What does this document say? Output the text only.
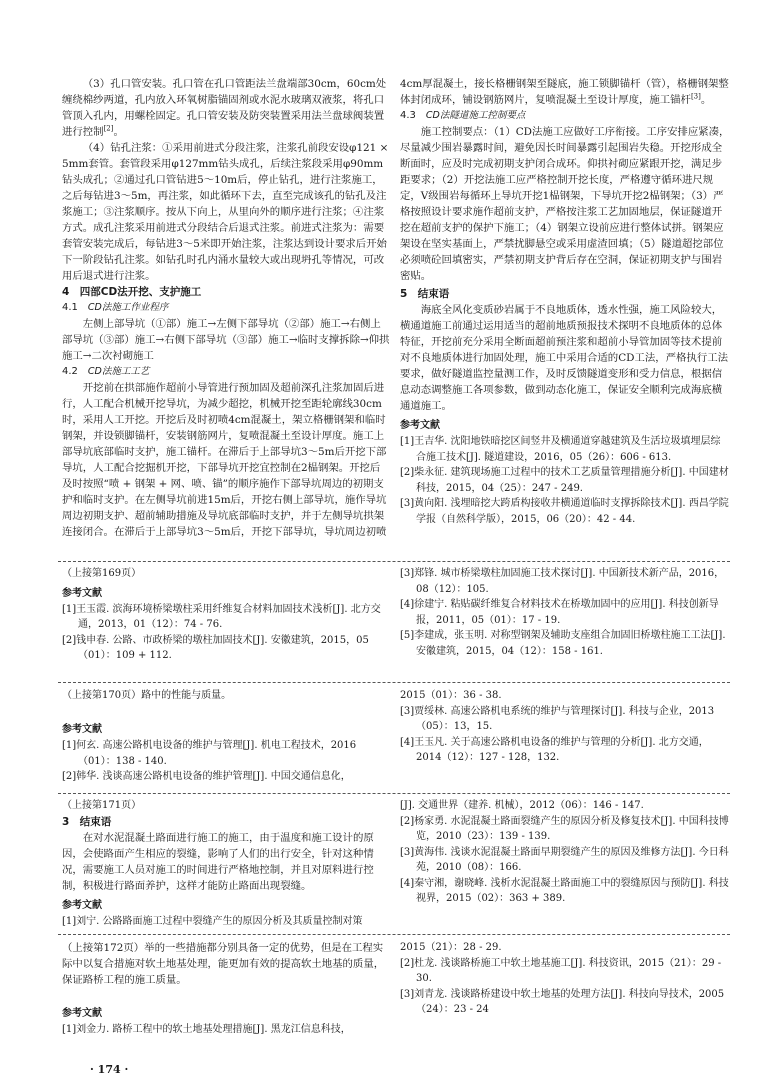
（3）孔口管安装。孔口管在孔口管距法兰盘端部30cm，60cm处缠绕棉纱两道，孔内放入环氧树脂锚固剂或水泥水玻璃双液浆，将孔口管顶入孔内，用螺栓固定。孔口管安装及防突装置采用法兰盘球阀装置进行控制[2]。

（4）钻孔注浆：①采用前进式分段注浆，注浆孔前段安设φ121 × 5mm套管。套管段采用φ127mm钻头成孔，后续注浆段采用φ90mm钻头成孔；②通过孔口管钻进5～10m后，停止钻孔，进行注浆施工，之后每钻进3～5m，再注浆，如此循环下去，直至完成该孔的钻孔及注浆施工；③注浆顺序。按从下向上，从里向外的顺序进行注浆；④注浆方式。成孔注浆采用前进式分段结合后退式注浆。前进式注浆为：需要套管安装完成后，每钻进3～5米即开始注浆，注浆达到设计要求后开始下一阶段钻孔注浆。如钻孔时孔内涌水量较大或出现坍孔等情况，可改用后退式进行注浆。

4　四部CD法开挖、支护施工

4.1　CD法施工作业程序

左侧上部导坑（①部）施工→左侧下部导坑（②部）施工→右侧上部导坑（③部）施工→右侧下部导坑（③部）施工→临时支撑拆除→仰拱施工→二次衬砌施工

4.2　CD法施工工艺

开挖前在拱部施作超前小导管进行预加固及超前深孔注浆加固后进行，人工配合机械开挖导坑，为减少超挖，机械开挖至距轮廓线30cm时，采用人工开挖。开挖后及时初喷4cm混凝土，架立格栅钢架和临时钢架，并设锁脚锚杆，安装钢筋网片，复喷混凝土至设计厚度。施工上部导坑底部临时支护，施工锚杆。在滞后于上部导坑3～5m后开挖下部导坑，人工配合挖掘机开挖，下部导坑开挖宜控制在2榀钢架。开挖后及时按照“喷 + 钢架 + 网、喷、锚”的顺序施作下部导坑周边的初期支护和临时支护。在左侧导坑前进15m后，开挖右侧上部导坑，施作导坑周边初期支护、超前辅助措施及导坑底部临时支护，并于左侧导坑拱架连接闭合。在滞后于上部导坑3～5m后，开挖下部导坑，导坑周边初喷

4cm厚混凝土，接长格栅钢架至隧底，施工锁脚锚杆（管），格栅钢架整体封闭成环，铺设钢筋网片，复喷混凝土至设计厚度，施工锚杆[3]。

4.3　CD法隧道施工控制要点

施工控制要点：（1）CD法施工应做好工序衔接。工序安排应紧凑，尽量减少围岩暴露时间，避免因长时间暴露引起围岩失稳。开挖形成全断面时，应及时完成初期支护闭合成环。仰拱衬砌应紧跟开挖，满足步距要求；（2）开挖法施工应严格控制开挖长度，严格遵守循环进尺规定，V级围岩每循环上导坑开挖1榀钢架，下导坑开挖2榀钢架；（3）严格按照设计要求施作超前支护，严格按注浆工艺加固地层，保证隧道开挖在超前支护的保护下施工；（4）钢架立设前应进行整体试拼。钢架应架设在坚实基面上，严禁扰脚悬空或采用虚渣回填；（5）隧道超挖部位必须喷砼回填密实，严禁初期支护背后存在空洞，保证初期支护与围岩密贴。

5　结束语

海底全风化变质砂岩属于不良地质体，透水性强，施工风险较大，横通道施工前通过运用适当的超前地质预报技术探明不良地质体的总体特征，开挖前充分采用全断面超前预注浆和超前小导管加固等技术提前对不良地质体进行加固处理，施工中采用合适的CD工法，严格执行工法要求，做好隧道监控量测工作，及时反馈隧道变形和受力信息，根据信息动态调整施工各项参数，做到动态化施工，保证安全顺利完成海底横通道施工。

参考文献

[1]王吉华. 沈阳地铁暗挖区间竖井及横通道穿越建筑及生活垃圾填埋层综合施工技术[J]. 隧道建设，2016，05（26）：606 - 613.

[2]柴永征. 建筑现场施工过程中的技术工艺质量管理措施分析[J]. 中国建材科技，2015，04（25）：247 - 249.

[3]黄向阳. 浅埋暗挖大跨盾构接收井横通道临时支撑拆除技术[J]. 西昌学院学报（自然科学版），2015，06（20）：42 - 44.

（上接第169页）

参考文献

[1]王玉霞. 滨海环境桥梁墩柱采用纤维复合材料加固技术浅析[J]. 北方交通，2013，01（12）：74 - 76.

[2]钱申春. 公路、市政桥梁的墩柱加固技术[J]. 安徽建筑，2015，05（01）：109 + 112.

[3]郑锋. 城市桥梁墩柱加固施工技术探讨[J]. 中国新技术新产品，2016，08（12）：105.

[4]徐建宁. 粘贴碳纤维复合材料技术在桥墩加固中的应用[J]. 科技创新导报，2011，05（01）：17 - 19.

[5]李建成，张玉明. 对称型钢架及辅助支座组合加固旧桥墩柱施工工法[J]. 安徽建筑，2015，04（12）：158 - 161.

（上接第170页）路中的性能与质量。

参考文献

[1]何玄. 高速公路机电设备的维护与管理[J]. 机电工程技术，2016（01）：138 - 140.

[2]韩华. 浅谈高速公路机电设备的维护管理[J]. 中国交通信息化，

2015（01）：36 - 38.

[3]贾绥林. 高速公路机电系统的维护与管理探讨[J]. 科技与企业，2013（05）：13，15.

[4]王玉凡. 关于高速公路机电设备的维护与管理的分析[J]. 北方交通，2014（12）：127 - 128，132.

（上接第171页）

3　结束语

在对水泥混凝土路面进行施工的施工，由于温度和施工设计的原因，会使路面产生相应的裂缝，影响了人们的出行安全，针对这种情况，需要施工人员对施工的时间进行严格地控制，并且对原料进行控制，积极进行路面养护，这样才能防止路面出现裂缝。

参考文献

[1]刘宁. 公路路面施工过程中裂缝产生的原因分析及其质量控制对策

[J]. 交通世界（建养. 机械），2012（06）：146 - 147.

[2]杨家勇. 水泥混凝土路面裂缝产生的原因分析及修复技术[J]. 中国科技博览，2010（23）：139 - 139.

[3]黄海伟. 浅谈水泥混凝土路面早期裂缝产生的原因及维修方法[J]. 今日科苑，2010（08）：166.

[4]秦守湘，谢晓峰. 浅析水泥混凝土路面施工中的裂缝原因与预防[J]. 科技视界，2015（02）：363 + 389.

（上接第172页）举的一些措施都分别具备一定的优势，但是在工程实际中以复合措施对软土地基处理，能更加有效的提高软土地基的质量，保证路桥工程的施工质量。

参考文献

[1]刘金力. 路桥工程中的软土地基处理措施[J]. 黑龙江信息科技，

2015（21）：28 - 29.

[2]杜龙. 浅谈路桥施工中软土地基施工[J]. 科技资讯，2015（21）：29 - 30.

[3]刘青龙. 浅谈路桥建设中软土地基的处理方法[J]. 科技向导技术，2005（24）：23 - 24

· 174 ·
